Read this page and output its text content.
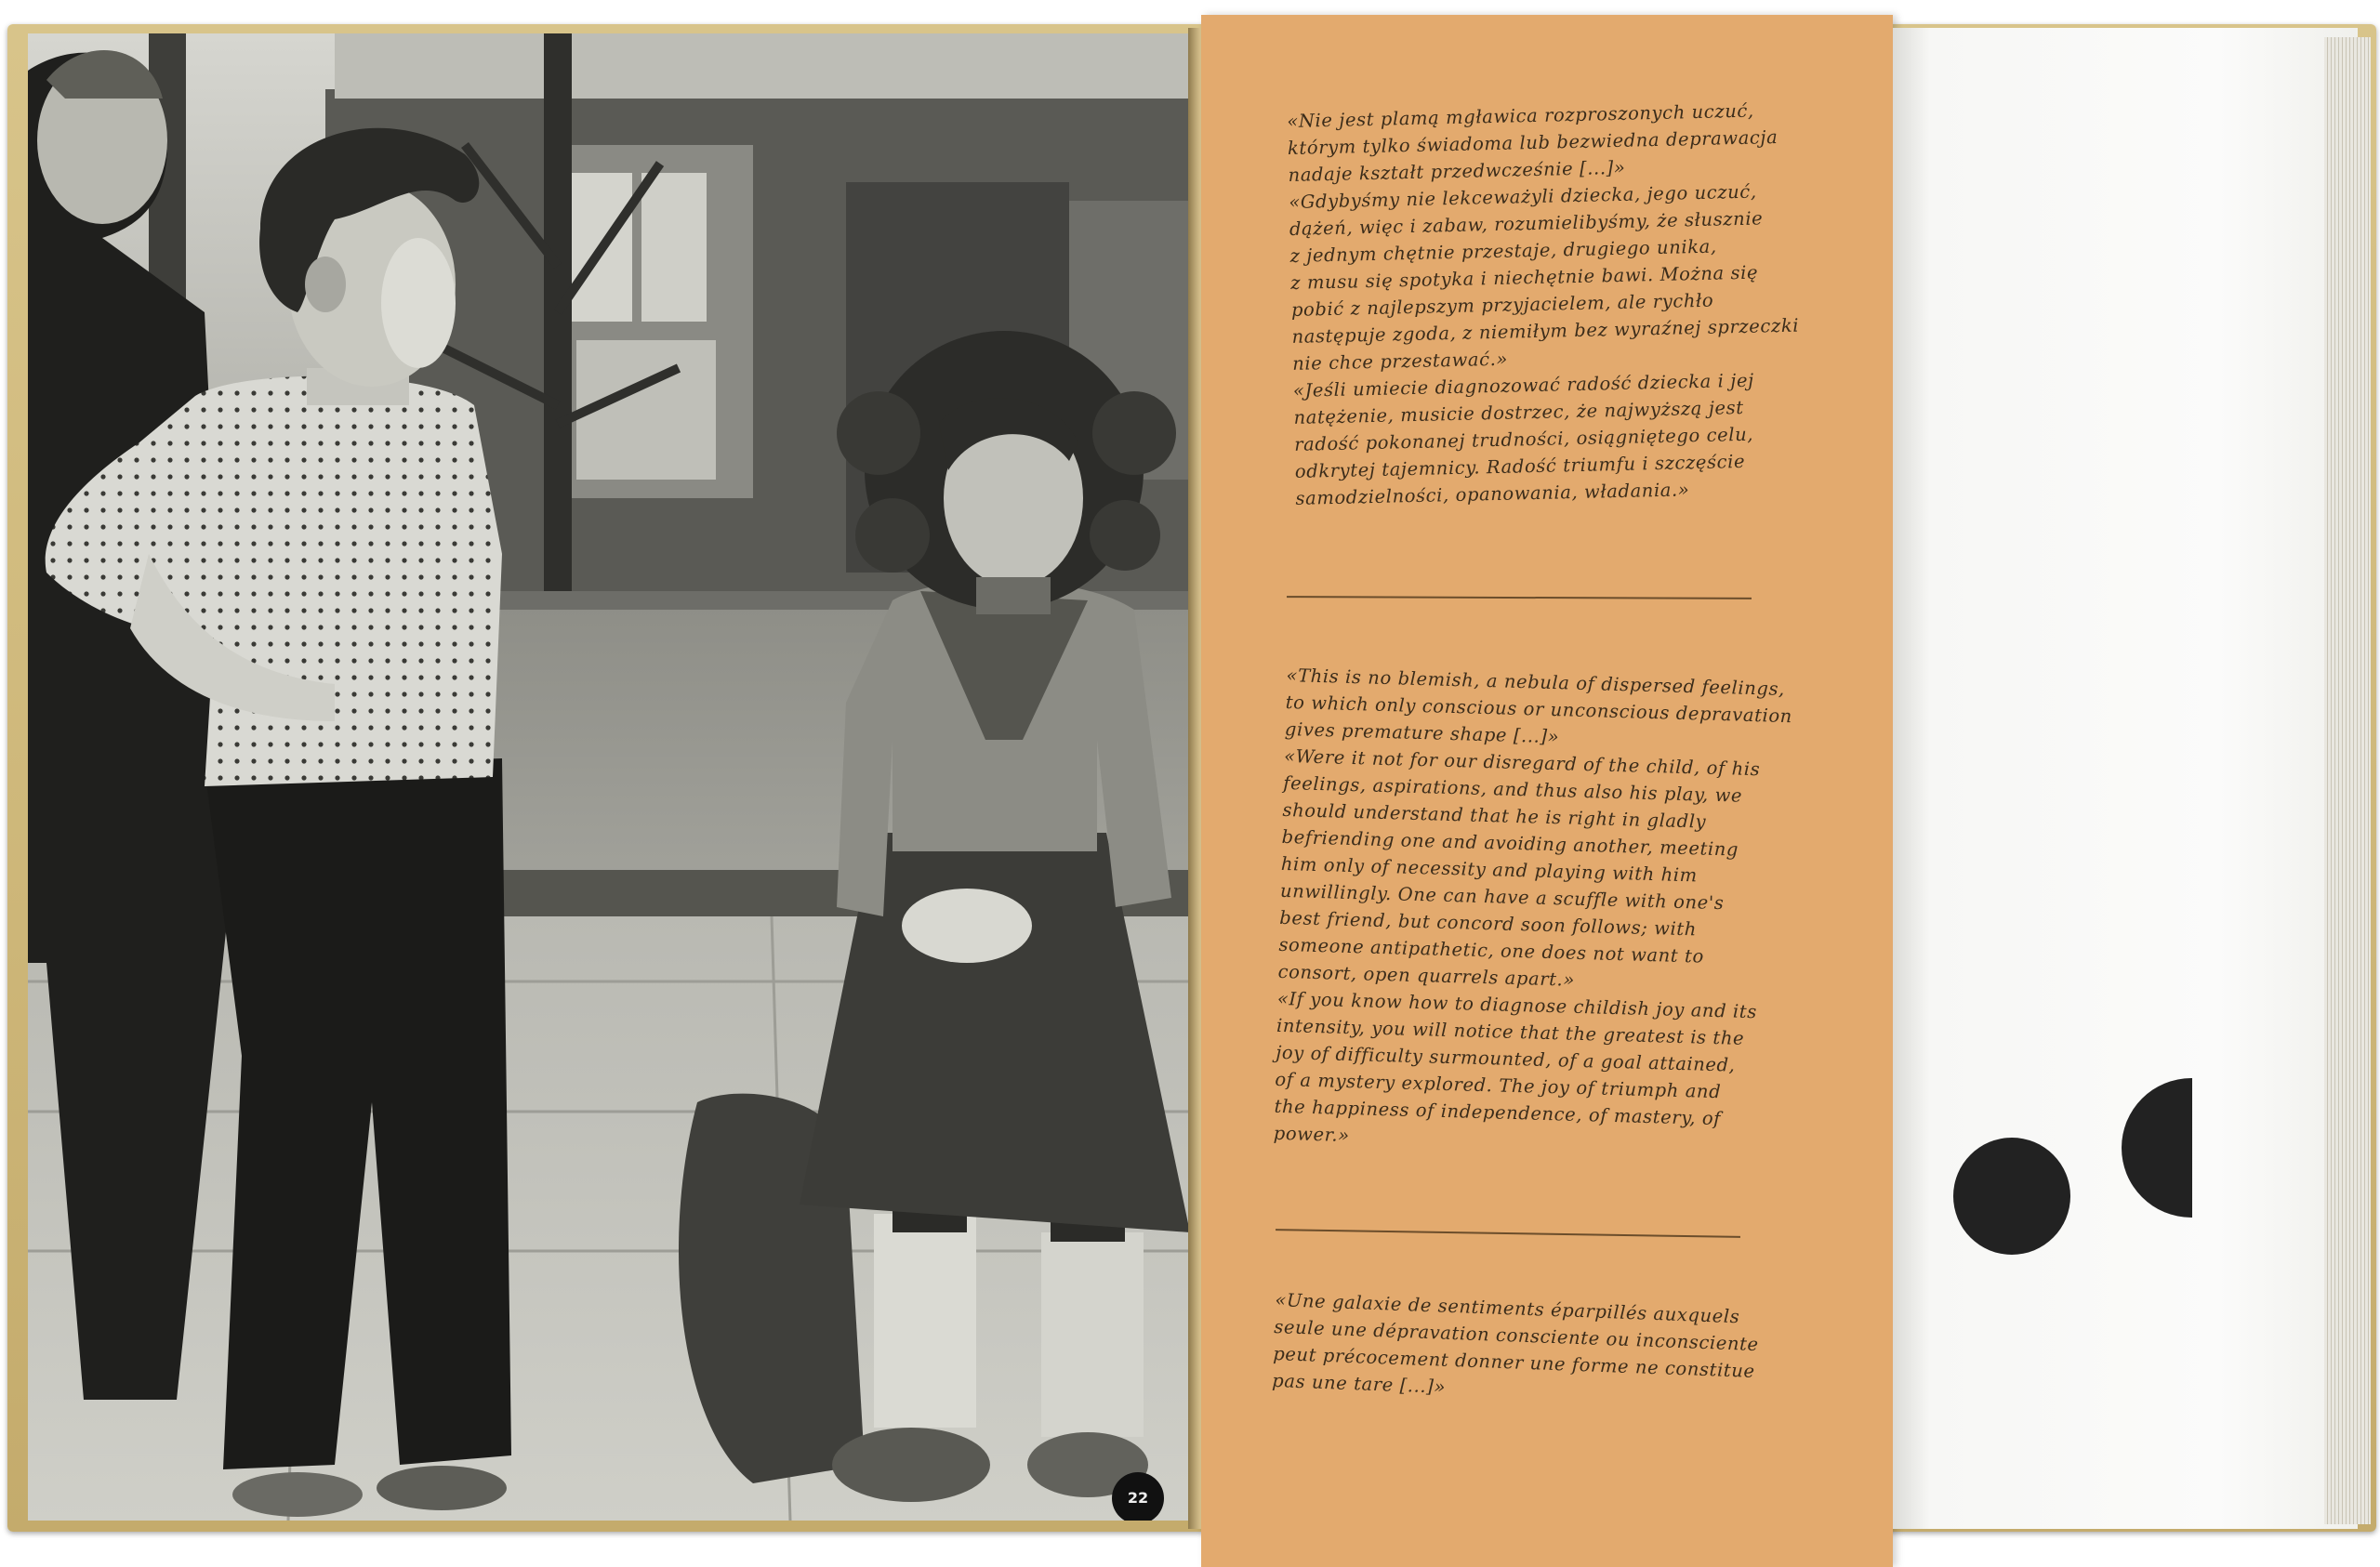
22
«Nie jest plamą mgławica rozproszonych uczuć,
którym tylko świadoma lub bezwiedna deprawacja
nadaje kształt przedwcześnie [...]»
«Gdybyśmy nie lekceważyli dziecka, jego uczuć,
dążeń, więc i zabaw, rozumielibyśmy, że słusznie
z jednym chętnie przestaje, drugiego unika,
z musu się spotyka i niechętnie bawi. Można się
pobić z najlepszym przyjacielem, ale rychło
następuje zgoda, z niemiłym bez wyraźnej sprzeczki
nie chce przestawać.»
«Jeśli umiecie diagnozować radość dziecka i jej
natężenie, musicie dostrzec, że najwyższą jest
radość pokonanej trudności, osiągniętego celu,
odkrytej tajemnicy. Radość triumfu i szczęście
samodzielności, opanowania, władania.»
«This is no blemish, a nebula of dispersed feelings,
to which only conscious or unconscious depravation
gives premature shape [...]»
«Were it not for our disregard of the child, of his
feelings, aspirations, and thus also his play, we
should understand that he is right in gladly
befriending one and avoiding another, meeting
him only of necessity and playing with him
unwillingly. One can have a scuffle with one's
best friend, but concord soon follows; with
someone antipathetic, one does not want to
consort, open quarrels apart.»
«If you know how to diagnose childish joy and its
intensity, you will notice that the greatest is the
joy of difficulty surmounted, of a goal attained,
of a mystery explored. The joy of triumph and
the happiness of independence, of mastery, of
power.»
«Une galaxie de sentiments éparpillés auxquels
seule une dépravation consciente ou inconsciente
peut précocement donner une forme ne constitue
pas une tare [...]»
